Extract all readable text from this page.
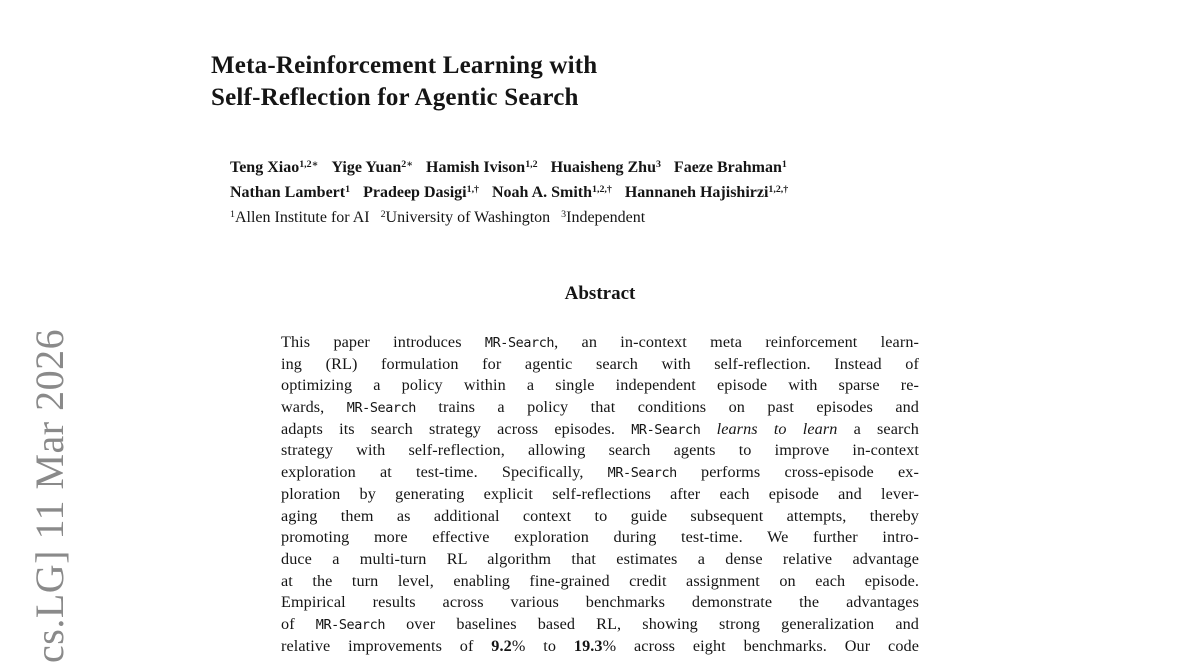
cs.LG] 11 Mar 2026
Meta-Reinforcement Learning with
Self-Reflection for Agentic Search
Teng Xiao$^{1,2∗}$ Yige Yuan$^{2∗}$ Hamish Ivison$^{1,2}$ Huaisheng Zhu$^3$ Faeze Brahman$^1$
Nathan Lambert$^1$ Pradeep Dasigi$^{1,\dagger}$ Noah A. Smith$^{1,2,\dagger}$ Hannaneh Hajishirzi$^{1,2,\dagger}$
$^1$Allen Institute for AI $^2$University of Washington $^3$Independent
Abstract
This paper introduces MR-Search, an in-context meta reinforcement learn-
ing (RL) formulation for agentic search with self-reflection. Instead of
optimizing a policy within a single independent episode with sparse re-
wards, MR-Search trains a policy that conditions on past episodes and
adapts its search strategy across episodes. MR-Search learns to learn a search
strategy with self-reflection, allowing search agents to improve in-context
exploration at test-time. Specifically, MR-Search performs cross-episode ex-
ploration by generating explicit self-reflections after each episode and lever-
aging them as additional context to guide subsequent attempts, thereby
promoting more effective exploration during test-time. We further intro-
duce a multi-turn RL algorithm that estimates a dense relative advantage
at the turn level, enabling fine-grained credit assignment on each episode.
Empirical results across various benchmarks demonstrate the advantages
of MR-Search over baselines based RL, showing strong generalization and
relative improvements of 9.2% to 19.3% across eight benchmarks. Our code
